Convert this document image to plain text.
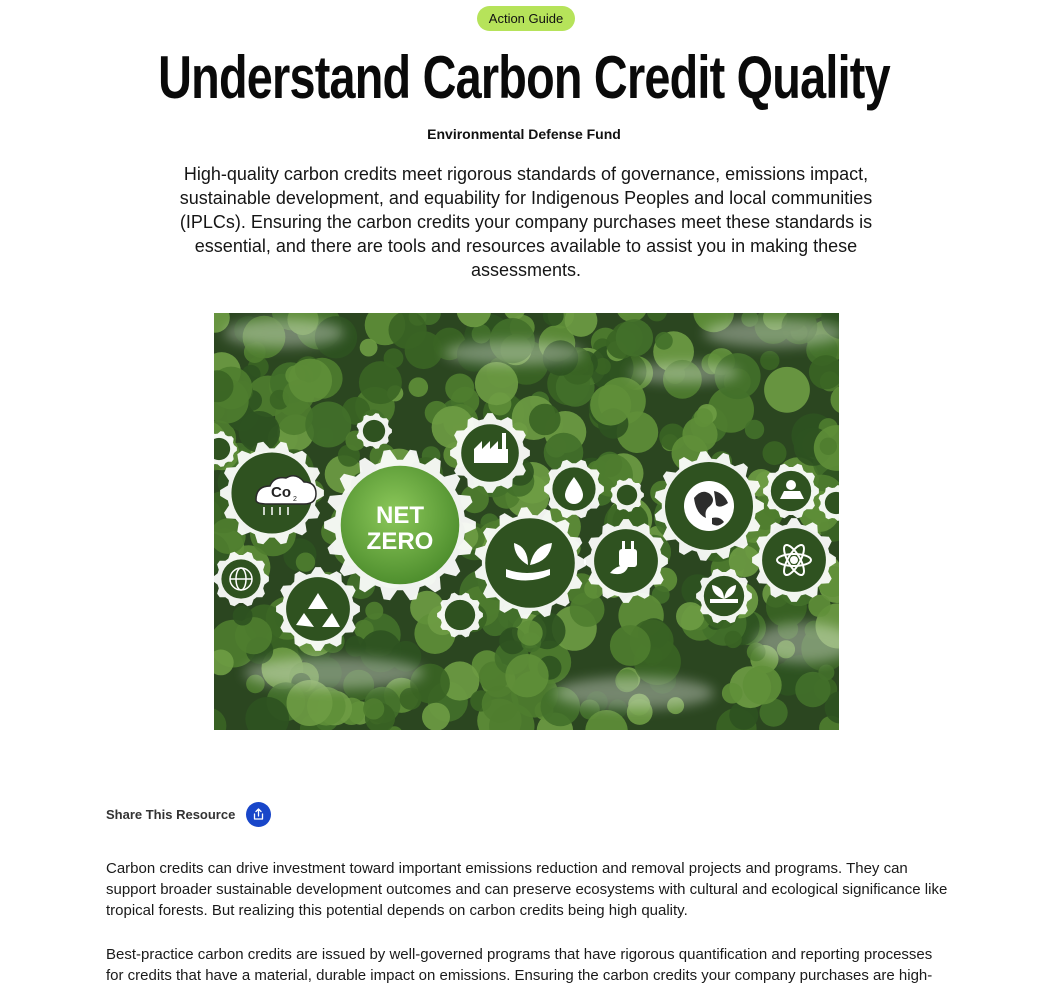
Action Guide
Understand Carbon Credit Quality
Environmental Defense Fund

High-quality carbon credits meet rigorous standards of governance, emissions impact, sustainable development, and equability for Indigenous Peoples and local communities (IPLCs). Ensuring the carbon credits your company purchases meet these standards is essential, and there are tools and resources available to assist you in making these assessments.

NET
ZERO
Co 2
Share This Resource

Carbon credits can drive investment toward important emissions reduction and removal projects and programs. They can support broader sustainable development outcomes and can preserve ecosystems with cultural and ecological significance like tropical forests. But realizing this potential depends on carbon credits being high quality.

Best-practice carbon credits are issued by well-governed programs that have rigorous quantification and reporting processes for credits that have a material, durable impact on emissions. Ensuring the carbon credits your company purchases are high-
